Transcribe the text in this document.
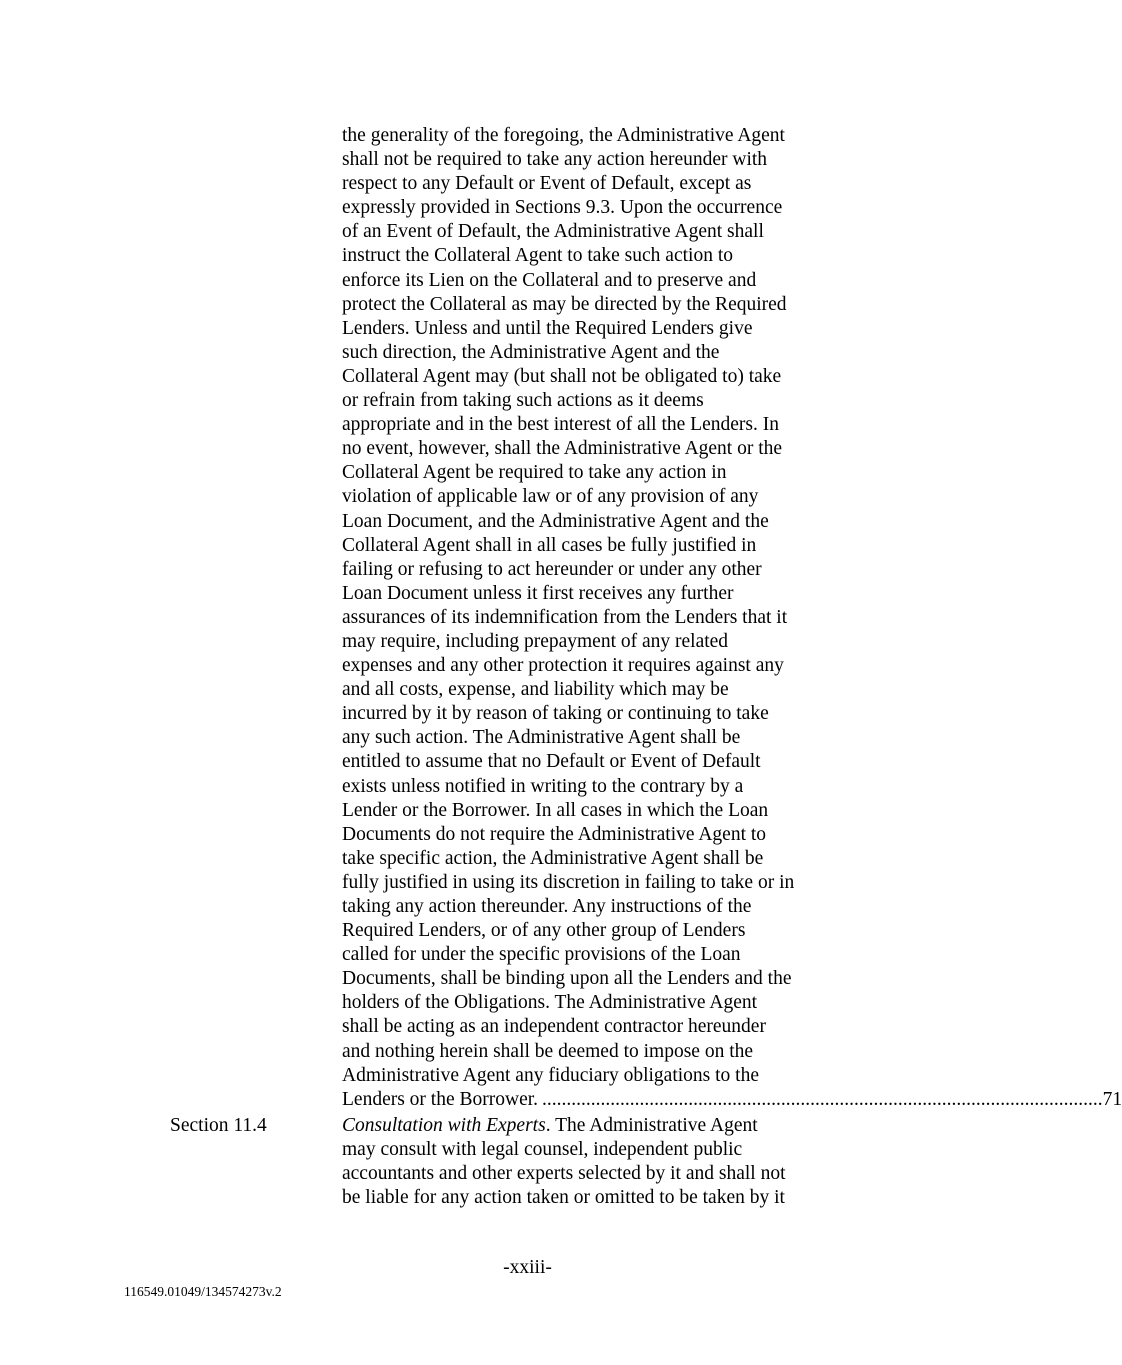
the generality of the foregoing, the Administrative Agent
shall not be required to take any action hereunder with
respect to any Default or Event of Default, except as
expressly provided in Sections 9.3. Upon the occurrence
of an Event of Default, the Administrative Agent shall
instruct the Collateral Agent to take such action to
enforce its Lien on the Collateral and to preserve and
protect the Collateral as may be directed by the Required
Lenders. Unless and until the Required Lenders give
such direction, the Administrative Agent and the
Collateral Agent may (but shall not be obligated to) take
or refrain from taking such actions as it deems
appropriate and in the best interest of all the Lenders. In
no event, however, shall the Administrative Agent or the
Collateral Agent be required to take any action in
violation of applicable law or of any provision of any
Loan Document, and the Administrative Agent and the
Collateral Agent shall in all cases be fully justified in
failing or refusing to act hereunder or under any other
Loan Document unless it first receives any further
assurances of its indemnification from the Lenders that it
may require, including prepayment of any related
expenses and any other protection it requires against any
and all costs, expense, and liability which may be
incurred by it by reason of taking or continuing to take
any such action. The Administrative Agent shall be
entitled to assume that no Default or Event of Default
exists unless notified in writing to the contrary by a
Lender or the Borrower. In all cases in which the Loan
Documents do not require the Administrative Agent to
take specific action, the Administrative Agent shall be
fully justified in using its discretion in failing to take or in
taking any action thereunder. Any instructions of the
Required Lenders, or of any other group of Lenders
called for under the specific provisions of the Loan
Documents, shall be binding upon all the Lenders and the
holders of the Obligations. The Administrative Agent
shall be acting as an independent contractor hereunder
and nothing herein shall be deemed to impose on the
Administrative Agent any fiduciary obligations to the
Lenders or the Borrower. ................................................................................................................... 71
Section 11.4	Consultation with Experts. The Administrative Agent
may consult with legal counsel, independent public
accountants and other experts selected by it and shall not
be liable for any action taken or omitted to be taken by it
-xxiii-
116549.01049/134574273v.2
